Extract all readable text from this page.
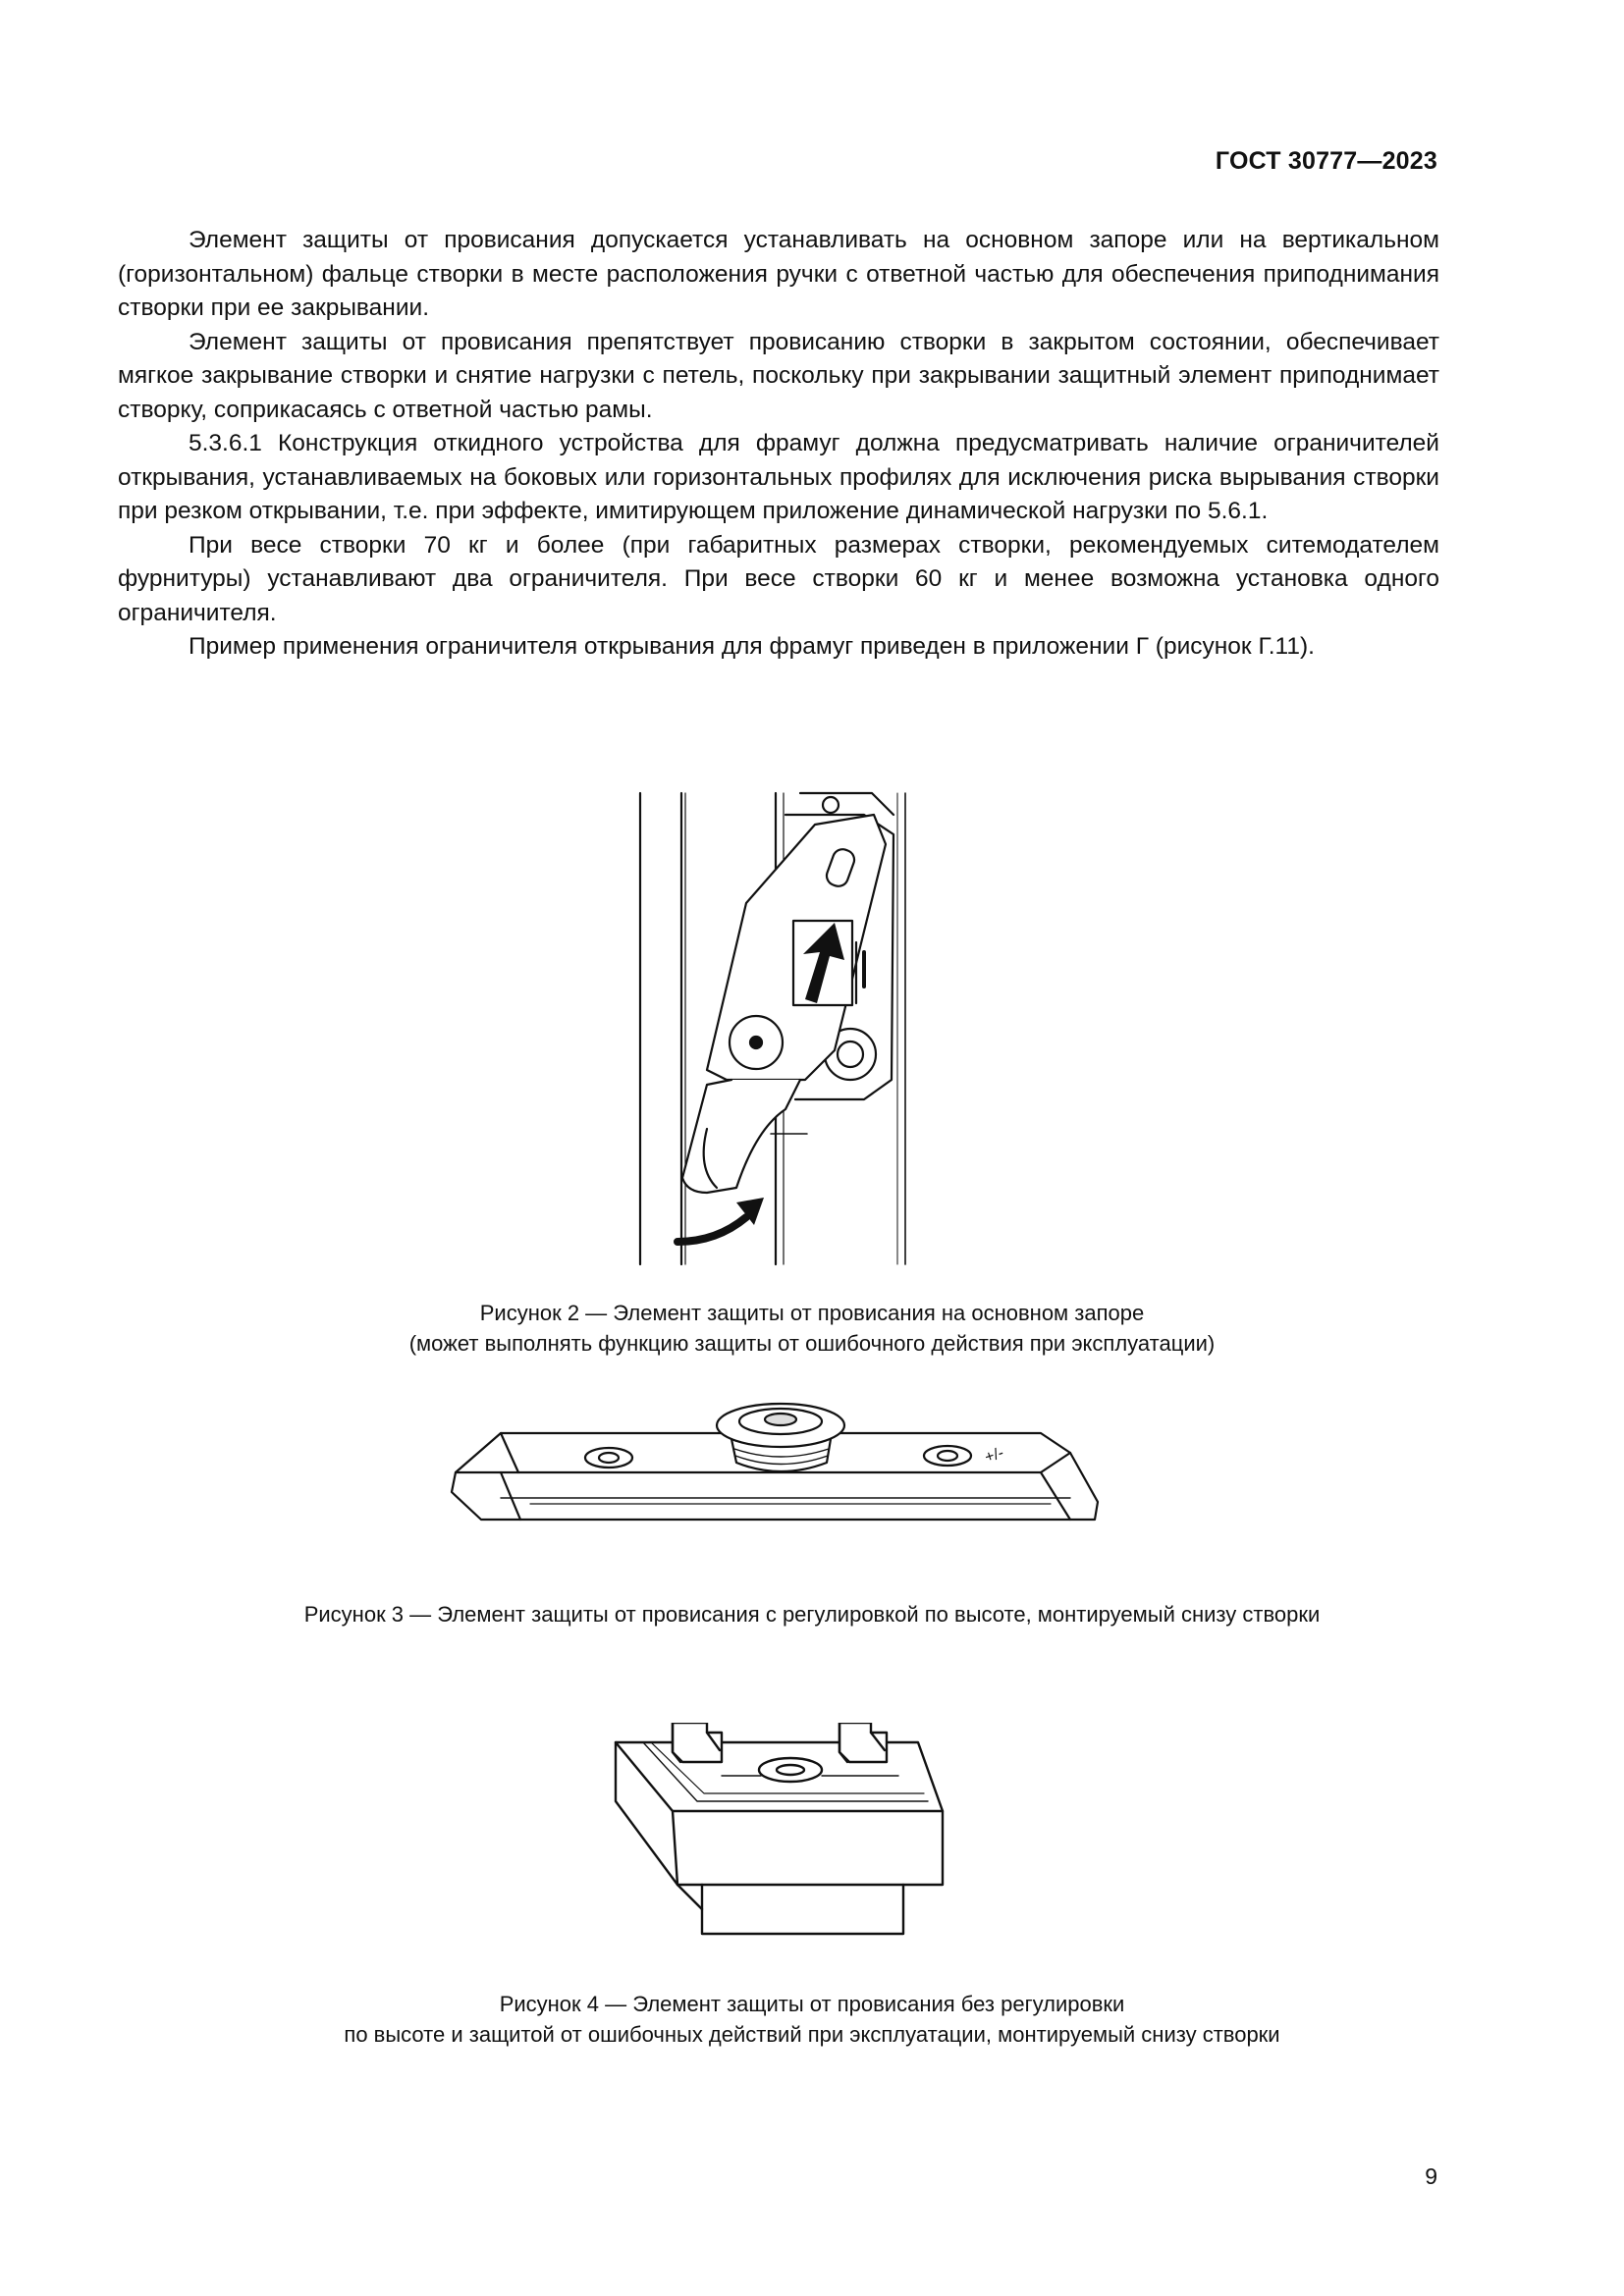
ГОСТ 30777—2023

Элемент защиты от провисания допускается устанавливать на основном запоре или на вертикальном (горизонтальном) фальце створки в месте расположения ручки с ответной частью для обеспечения приподнимания створки при ее закрывании.

Элемент защиты от провисания препятствует провисанию створки в закрытом состоянии, обеспечивает мягкое закрывание створки и снятие нагрузки с петель, поскольку при закрывании защитный элемент приподнимает створку, соприкасаясь с ответной частью рамы.

5.3.6.1 Конструкция откидного устройства для фрамуг должна предусматривать наличие ограничителей открывания, устанавливаемых на боковых или горизонтальных профилях для исключения риска вырывания створки при резком открывании, т.е. при эффекте, имитирующем приложение динамической нагрузки по 5.6.1.

При весе створки 70 кг и более (при габаритных размерах створки, рекомендуемых ситемодателем фурнитуры) устанавливают два ограничителя. При весе створки 60 кг и менее возможна установка одного ограничителя.

Пример применения ограничителя открывания для фрамуг приведен в приложении Г (рисунок Г.11).

Рисунок 2 — Элемент защиты от провисания на основном запоре
(может выполнять функцию защиты от ошибочного действия при эксплуатации)
+/-
Рисунок 3 — Элемент защиты от провисания с регулировкой по высоте, монтируемый снизу створки
Рисунок 4 — Элемент защиты от провисания без регулировки
по высоте и защитой от ошибочных действий при эксплуатации, монтируемый снизу створки
9
